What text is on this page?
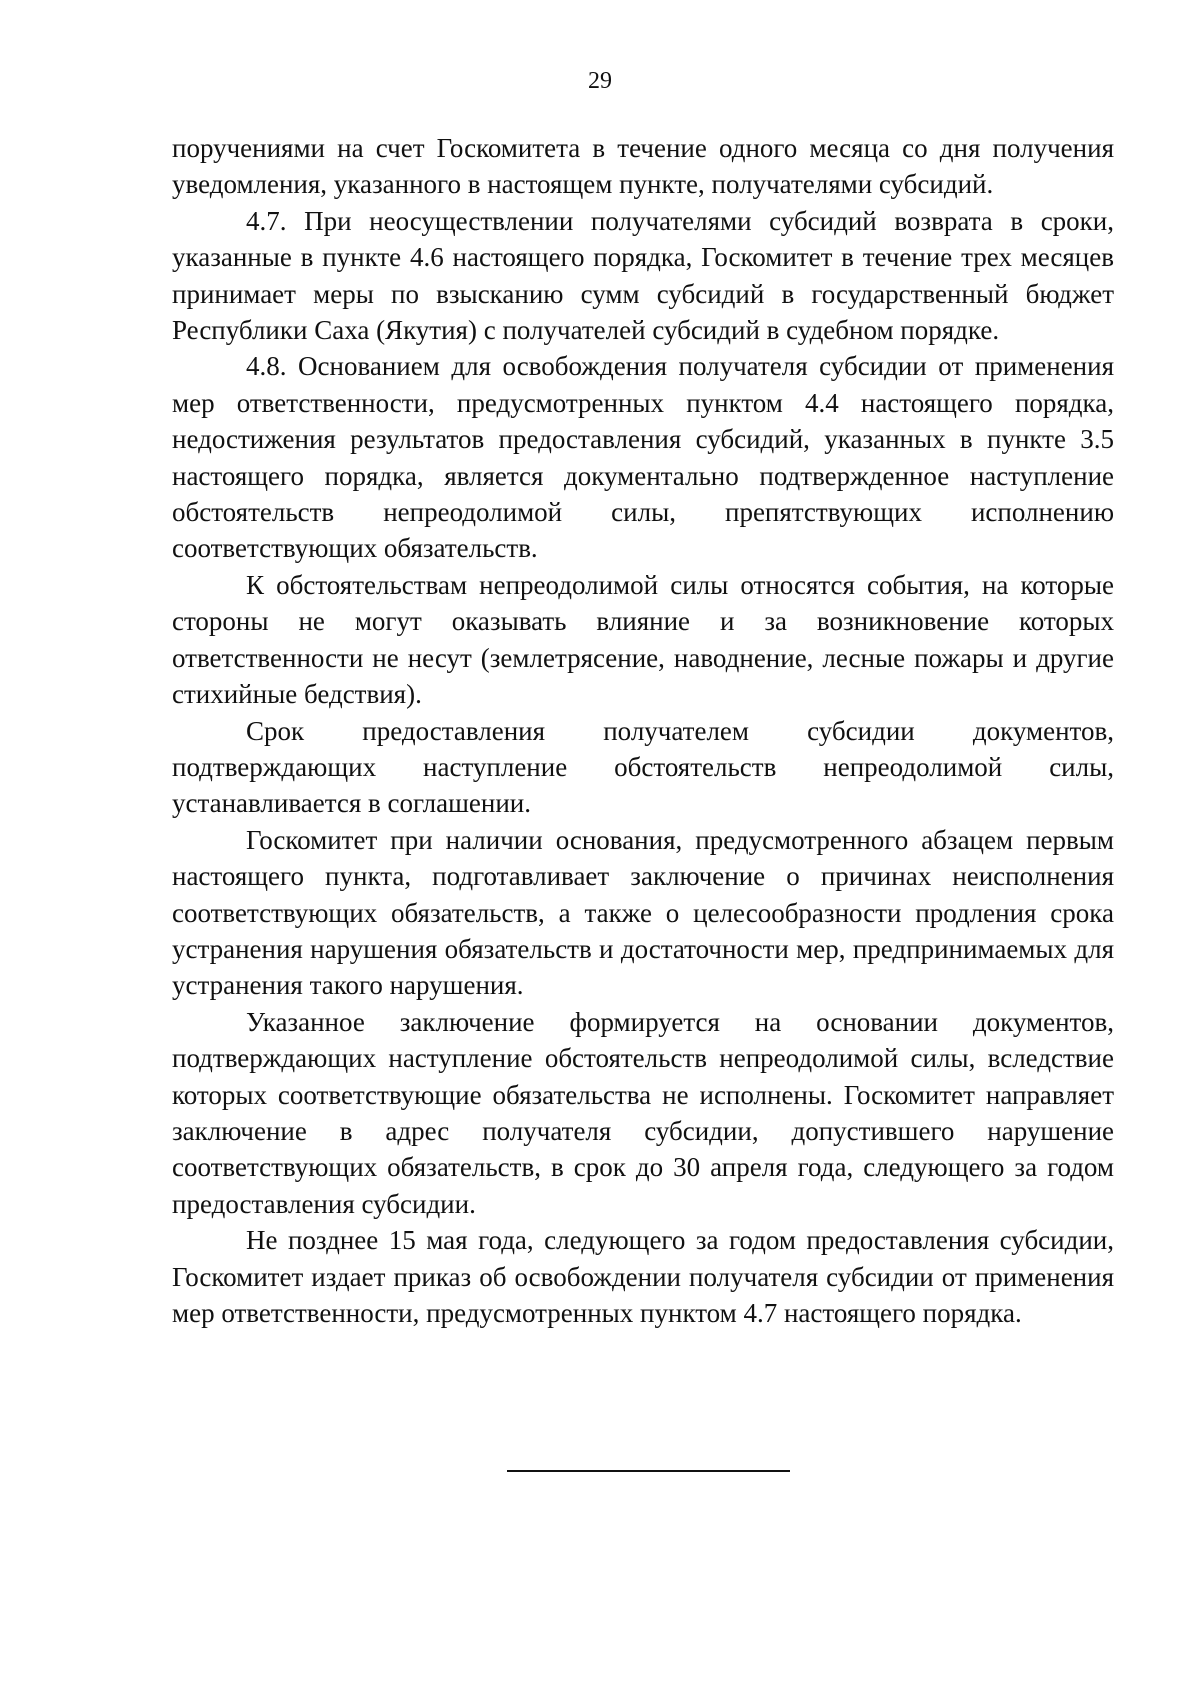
29

поручениями на счет Госкомитета в течение одного месяца со дня получения уведомления, указанного в настоящем пункте, получателями субсидий.

4.7. При неосуществлении получателями субсидий возврата в сроки, указанные в пункте 4.6 настоящего порядка, Госкомитет в течение трех месяцев принимает меры по взысканию сумм субсидий в государственный бюджет Республики Саха (Якутия) с получателей субсидий в судебном порядке.

4.8. Основанием для освобождения получателя субсидии от применения мер ответственности, предусмотренных пунктом 4.4 настоящего порядка, недостижения результатов предоставления субсидий, указанных в пункте 3.5 настоящего порядка, является документально подтвержденное наступление обстоятельств непреодолимой силы, препятствующих исполнению соответствующих обязательств.

К обстоятельствам непреодолимой силы относятся события, на которые стороны не могут оказывать влияние и за возникновение которых ответственности не несут (землетрясение, наводнение, лесные пожары и другие стихийные бедствия).

Срок предоставления получателем субсидии документов, подтверждающих наступление обстоятельств непреодолимой силы, устанавливается в соглашении.

Госкомитет при наличии основания, предусмотренного абзацем первым настоящего пункта, подготавливает заключение о причинах неисполнения соответствующих обязательств, а также о целесообразности продления срока устранения нарушения обязательств и достаточности мер, предпринимаемых для устранения такого нарушения.

Указанное заключение формируется на основании документов, подтверждающих наступление обстоятельств непреодолимой силы, вследствие которых соответствующие обязательства не исполнены. Госкомитет направляет заключение в адрес получателя субсидии, допустившего нарушение соответствующих обязательств, в срок до 30 апреля года, следующего за годом предоставления субсидии.

Не позднее 15 мая года, следующего за годом предоставления субсидии, Госкомитет издает приказ об освобождении получателя субсидии от применения мер ответственности, предусмотренных пунктом 4.7 настоящего порядка.
